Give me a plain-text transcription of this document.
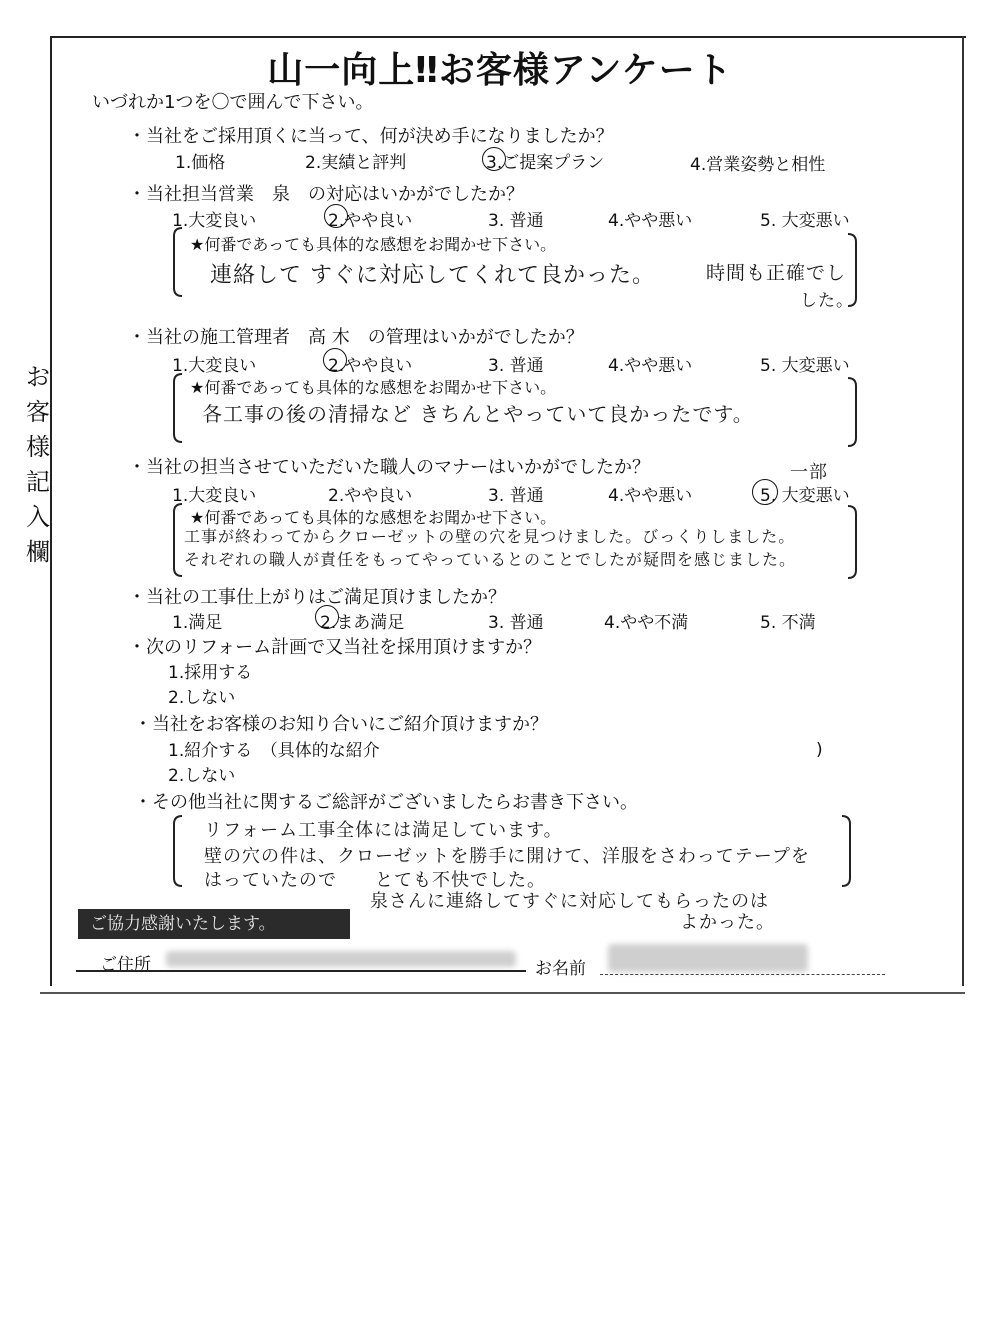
山一向上‼お客様アンケート
お客様記入欄
いづれか1つを〇で囲んで下さい。
・当社をご採用頂くに当って、何が決め手になりましたか？
1.価格	2.実績と評判	3.ご提案プラン	4.営業姿勢と相性
・当社担当営業　泉　の対応はいかがでしたか？
1.大変良い	2.やや良い	3. 普通	4.やや悪い	5. 大変悪い
★何番であっても具体的な感想をお聞かせ下さい。
連絡して すぐに対応してくれて良かった。	時間も正確でし
した。
・当社の施工管理者　高 木　の管理はいかがでしたか？
1.大変良い	2.やや良い	3. 普通	4.やや悪い	5. 大変悪い
★何番であっても具体的な感想をお聞かせ下さい。
各工事の後の清掃など きちんとやっていて良かったです。
・当社の担当させていただいた職人のマナーはいかがでしたか？	一部
1.大変良い	2.やや良い	3. 普通	4.やや悪い	5. 大変悪い
★何番であっても具体的な感想をお聞かせ下さい。
工事が終わってからクローゼットの壁の穴を見つけました。びっくりしました。
それぞれの職人が責任をもってやっているとのことでしたが疑問を感じました。
・当社の工事仕上がりはご満足頂けましたか？
1.満足	2.まあ満足	3. 普通	4.やや不満	5. 不満
・次のリフォーム計画で又当社を採用頂けますか？
1.採用する
2.しない
・当社をお客様のお知り合いにご紹介頂けますか？
1.紹介する　（具体的な紹介	)
2.しない
・その他当社に関するご総評がございましたらお書き下さい。
リフォーム工事全体には満足しています。
壁の穴の件は、クローゼットを勝手に開けて、洋服をさわってテープを
はっていたので　　とても不快でした。
泉さんに連絡してすぐに対応してもらったのは
よかった。
ご協力感謝いたします。
ご住所	お名前
